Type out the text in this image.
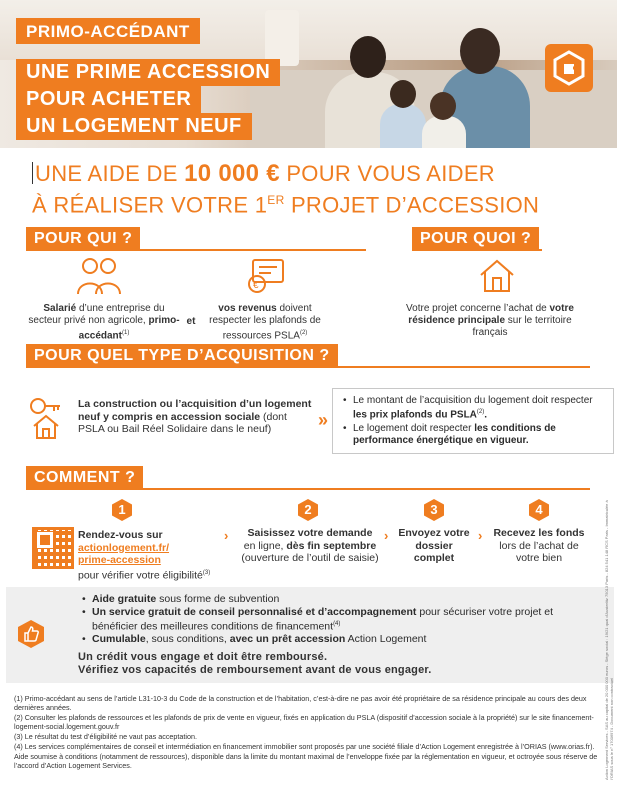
PRIMO-ACCÉDANT
UNE PRIME ACCESSION
POUR ACHETER
UN LOGEMENT NEUF
UNE AIDE DE 10 000 € POUR VOUS AIDER
À RÉALISER VOTRE 1ER PROJET D’ACCESSION
POUR QUI ?	POUR QUOI ?
€
Salarié d’une entreprise du secteur privé non agricole, primo-accédant$^{(1)}$
et
vos revenus doivent respecter les plafonds de ressources PSLA$^{(2)}$
Votre projet concerne l’achat de votre résidence principale sur le territoire français
POUR QUEL TYPE D’ACQUISITION ?
La construction ou l’acquisition d’un logement neuf y compris en accession sociale (dont PSLA ou Bail Réel Solidaire dans le neuf)	»
• Le montant de l’acquisition du logement doit respecter les prix plafonds du PSLA$^{(2)}$.
• Le logement doit respecter les conditions de performance énergétique en vigueur.
COMMENT ?
1	2	3	4
Rendez-vous sur
actionlogement.fr/
prime-accession
pour vérifier votre éligibilité$^{(3)}$
›	Saisissez votre demande
en ligne, dès fin septembre
(ouverture de l’outil de saisie)
› Envoyez votre dossier complet
›	Recevez les fonds
lors de l’achat de votre bien
• Aide gratuite sous forme de subvention
• Un service gratuit de conseil personnalisé et d’accompagnement pour sécuriser votre projet et bénéficier des meilleures conditions de financement$^{(4)}$
• Cumulable, sous conditions, avec un prêt accession Action Logement
Un crédit vous engage et doit être remboursé.
Vérifiez vos capacités de remboursement avant de vous engager.

(1) Primo-accédant au sens de l’article L31-10-3 du Code de la construction et de l’habitation, c’est-à-dire ne pas avoir été propriétaire de sa résidence principale au cours des deux dernières années.

(2) Consulter les plafonds de ressources et les plafonds de prix de vente en vigueur, fixés en application du PSLA (dispositif d’accession sociale à la propriété) sur le site financement-logement-social.logement.gouv.fr

(3) Le résultat du test d’éligibilité ne vaut pas acceptation.

(4) Les services complémentaires de conseil et intermédiation en financement immobilier sont proposés par une société filiale d’Action Logement enregistrée à l’ORIAS (www.orias.fr).

Aide soumise à conditions (notamment de ressources), disponible dans la limite du montant maximal de l’enveloppe fixée par la réglementation en vigueur, et octroyée sous réserve de l’accord d’Action Logement Services.	Action Logement Services - SAS au capital de 20 000 000 euros - Siège social : 19/21 quai d’Austerlitz 75013 Paris - 824 541 148 RCS Paris - Immatriculée à l’ORIAS sous le n° 17006974 - Document non contractuel
